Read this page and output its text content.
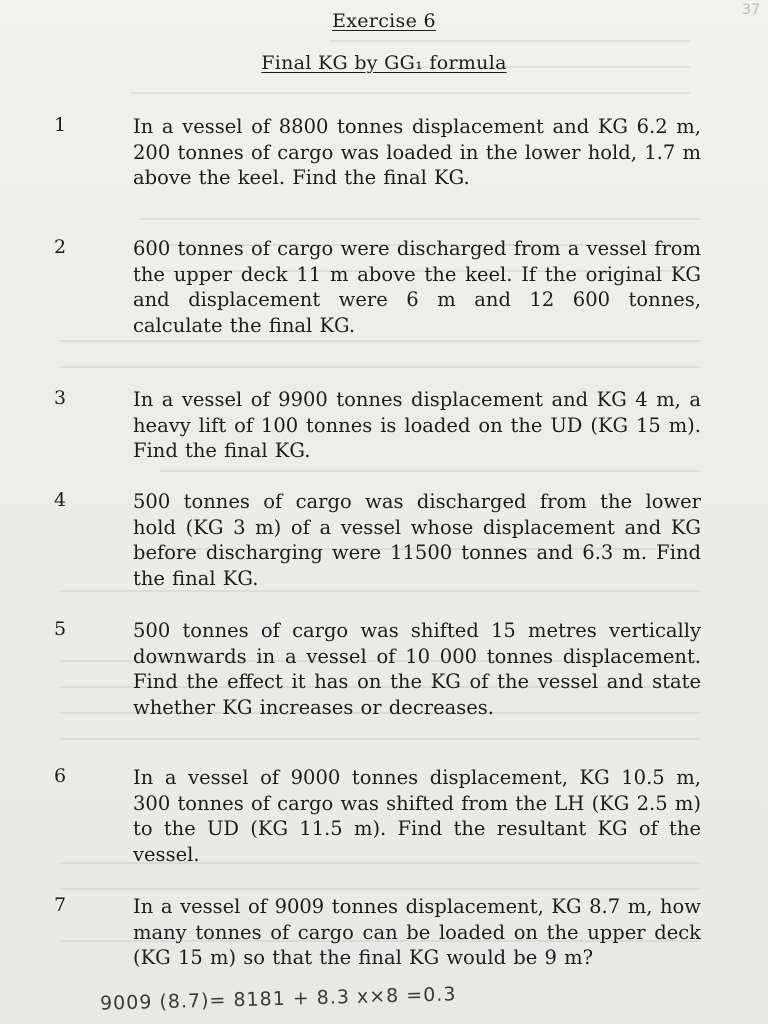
37
Exercise 6
Final KG by GG₁ formula
1	In a vessel of 8800 tonnes displacement and KG 6.2 m, 200 tonnes of cargo was loaded in the lower hold, 1.7 m above the keel. Find the final KG.
2	600 tonnes of cargo were discharged from a vessel from the upper deck 11 m above the keel. If the original KG and displacement were 6 m and 12 600 tonnes, calculate the final KG.
3	In a vessel of 9900 tonnes displacement and KG 4 m, a heavy lift of 100 tonnes is loaded on the UD (KG 15 m). Find the final KG.
4	500 tonnes of cargo was discharged from the lower hold (KG 3 m) of a vessel whose displacement and KG before discharging were 11500 tonnes and 6.3 m. Find the final KG.
5	500 tonnes of cargo was shifted 15 metres vertically downwards in a vessel of 10 000 tonnes displacement. Find the effect it has on the KG of the vessel and state whether KG increases or decreases.
6	In a vessel of 9000 tonnes displacement, KG 10.5 m, 300 tonnes of cargo was shifted from the LH (KG 2.5 m) to the UD (KG 11.5 m). Find the resultant KG of the vessel.
7	In a vessel of 9009 tonnes displacement, KG 8.7 m, how many tonnes of cargo can be loaded on the upper deck (KG 15 m) so that the final KG would be 9 m?
9009 (8.7)= 8181 + 8.3 x×8 =0.3
